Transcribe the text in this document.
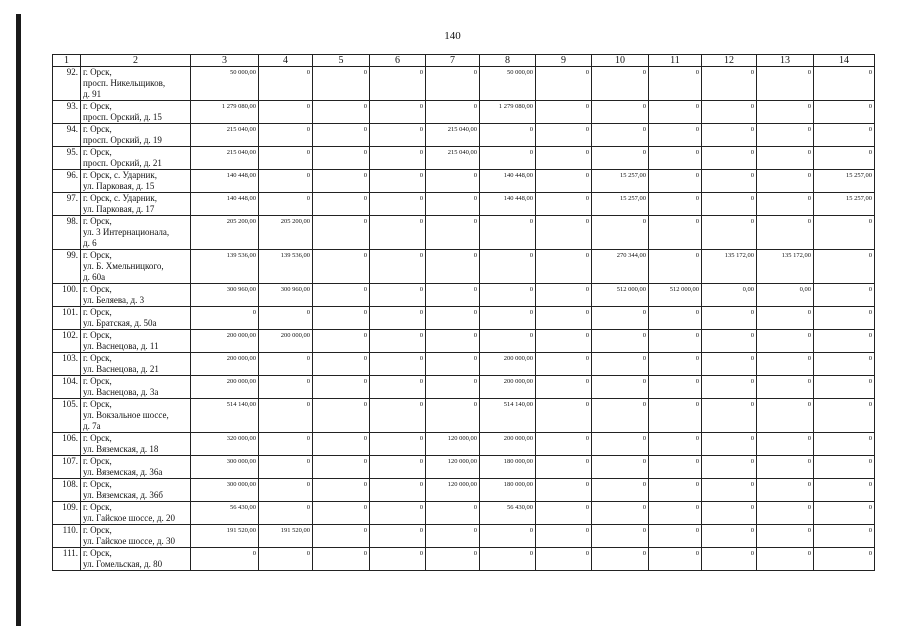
140
1	2	3	4	5	6	7	8	9	10	11	12	13	14
92.	г. Орск,
просп. Никельщиков,
д. 91	50 000,00	0	0	0	0	50 000,00	0	0	0	0	0	0
93.	г. Орск,
просп. Орский, д. 15	1 279 080,00	0	0	0	0	1 279 080,00	0	0	0	0	0	0
94.	г. Орск,
просп. Орский, д. 19	215 040,00	0	0	0	215 040,00	0	0	0	0	0	0	0
95.	г. Орск,
просп. Орский, д. 21	215 040,00	0	0	0	215 040,00	0	0	0	0	0	0	0
96.	г. Орск, с. Ударник,
ул. Парковая, д. 15	140 448,00	0	0	0	0	140 448,00	0	15 257,00	0	0	0	15 257,00
97.	г. Орск, с. Ударник,
ул. Парковая, д. 17	140 448,00	0	0	0	0	140 448,00	0	15 257,00	0	0	0	15 257,00
98.	г. Орск,
ул. 3 Интернационала,
д. 6	205 200,00	205 200,00	0	0	0	0	0	0	0	0	0	0
99.	г. Орск,
ул. Б. Хмельницкого,
д. 60а	139 536,00	139 536,00	0	0	0	0	0	270 344,00	0	135 172,00	135 172,00	0
100.	г. Орск,
ул. Беляева, д. 3	300 960,00	300 960,00	0	0	0	0	0	512 000,00	512 000,00	0,00	0,00	0
101.	г. Орск,
ул. Братская, д. 50а	0	0	0	0	0	0	0	0	0	0	0	0
102.	г. Орск,
ул. Васнецова, д. 11	200 000,00	200 000,00	0	0	0	0	0	0	0	0	0	0
103.	г. Орск,
ул. Васнецова, д. 21	200 000,00	0	0	0	0	200 000,00	0	0	0	0	0	0
104.	г. Орск,
ул. Васнецова, д. 3а	200 000,00	0	0	0	0	200 000,00	0	0	0	0	0	0
105.	г. Орск,
ул. Вокзальное шоссе,
д. 7а	514 140,00	0	0	0	0	514 140,00	0	0	0	0	0	0
106.	г. Орск,
ул. Вяземская, д. 18	320 000,00	0	0	0	120 000,00	200 000,00	0	0	0	0	0	0
107.	г. Орск,
ул. Вяземская, д. 36а	300 000,00	0	0	0	120 000,00	180 000,00	0	0	0	0	0	0
108.	г. Орск,
ул. Вяземская, д. 36б	300 000,00	0	0	0	120 000,00	180 000,00	0	0	0	0	0	0
109.	г. Орск,
ул. Гайское шоссе, д. 20	56 430,00	0	0	0	0	56 430,00	0	0	0	0	0	0
110.	г. Орск,
ул. Гайское шоссе, д. 30	191 520,00	191 520,00	0	0	0	0	0	0	0	0	0	0
111.	г. Орск,
ул. Гомельская, д. 80	0	0	0	0	0	0	0	0	0	0	0	0
